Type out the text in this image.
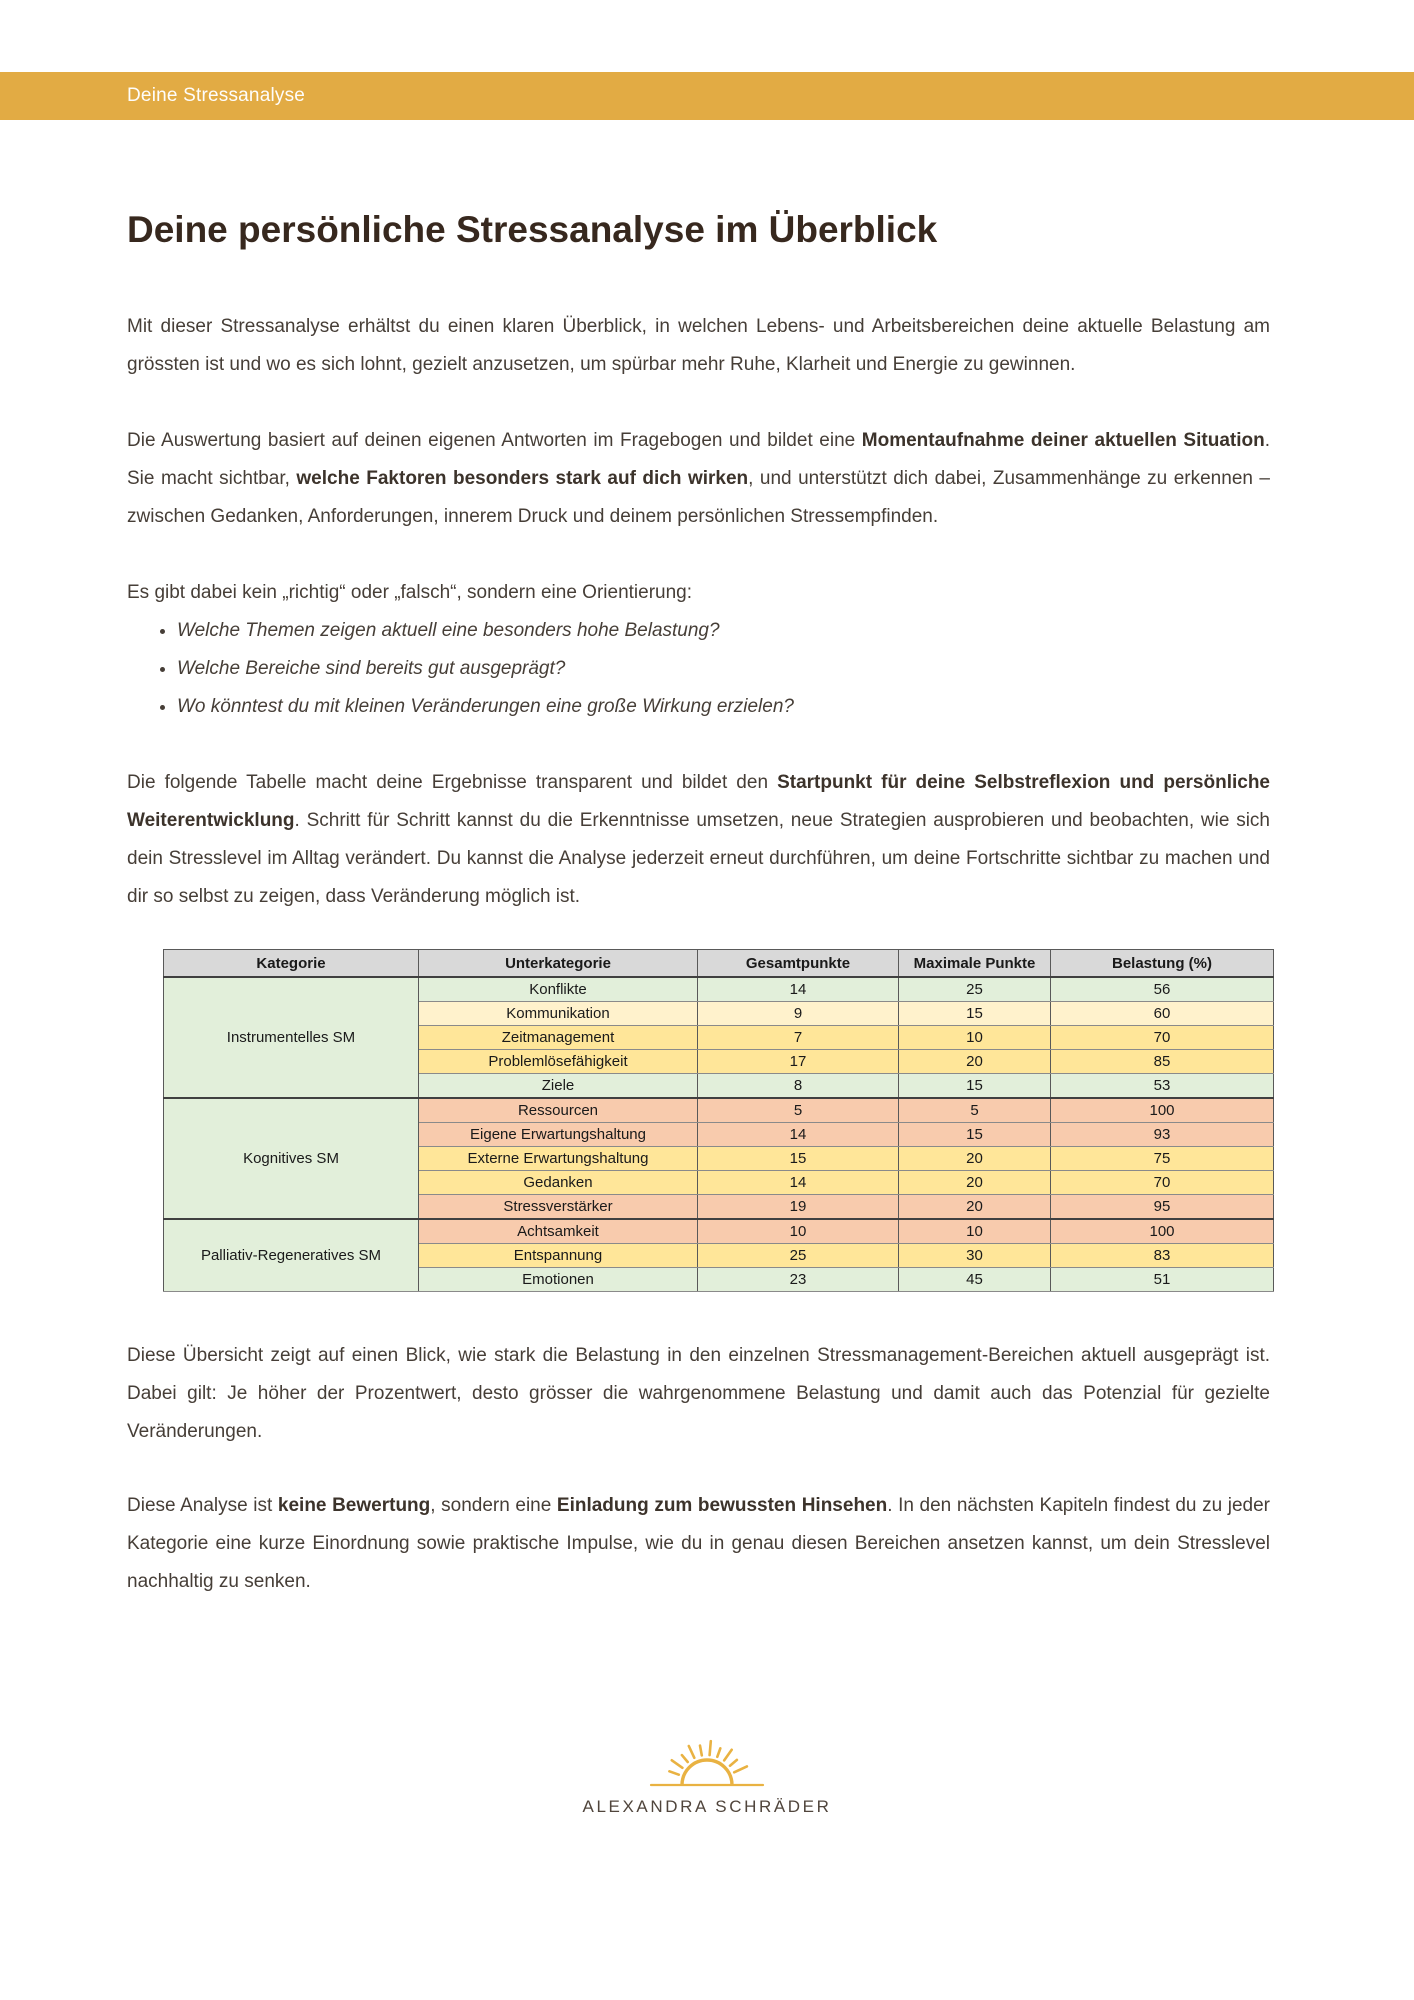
Deine Stressanalyse
Deine persönliche Stressanalyse im Überblick

Mit dieser Stressanalyse erhältst du einen klaren Überblick, in welchen Lebens- und Arbeitsbereichen deine aktuelle Belastung am grössten ist und wo es sich lohnt, gezielt anzusetzen, um spürbar mehr Ruhe, Klarheit und Energie zu gewinnen.

Die Auswertung basiert auf deinen eigenen Antworten im Fragebogen und bildet eine Momentaufnahme deiner aktuellen Situation. Sie macht sichtbar, welche Faktoren besonders stark auf dich wirken, und unterstützt dich dabei, Zusammenhänge zu erkennen – zwischen Gedanken, Anforderungen, innerem Druck und deinem persönlichen Stressempfinden.

Es gibt dabei kein „richtig“ oder „falsch“, sondern eine Orientierung:

• Welche Themen zeigen aktuell eine besonders hohe Belastung?
• Welche Bereiche sind bereits gut ausgeprägt?
• Wo könntest du mit kleinen Veränderungen eine große Wirkung erzielen?

Die folgende Tabelle macht deine Ergebnisse transparent und bildet den Startpunkt für deine Selbstreflexion und persönliche Weiterentwicklung. Schritt für Schritt kannst du die Erkenntnisse umsetzen, neue Strategien ausprobieren und beobachten, wie sich dein Stresslevel im Alltag verändert. Du kannst die Analyse jederzeit erneut durchführen, um deine Fortschritte sichtbar zu machen und dir so selbst zu zeigen, dass Veränderung möglich ist.

Kategorie	Unterkategorie	Gesamtpunkte	Maximale Punkte	Belastung (%)
Instrumentelles SM	Konflikte	14	25	56
	Kommunikation	9	15	60
	Zeitmanagement	7	10	70
	Problemlösefähigkeit	17	20	85
	Ziele	8	15	53
Kognitives SM	Ressourcen	5	5	100
	Eigene Erwartungshaltung	14	15	93
	Externe Erwartungshaltung	15	20	75
	Gedanken	14	20	70
	Stressverstärker	19	20	95
Palliativ-Regeneratives SM	Achtsamkeit	10	10	100
	Entspannung	25	30	83
	Emotionen	23	45	51

Diese Übersicht zeigt auf einen Blick, wie stark die Belastung in den einzelnen Stressmanagement-Bereichen aktuell ausgeprägt ist. Dabei gilt: Je höher der Prozentwert, desto grösser die wahrgenommene Belastung und damit auch das Potenzial für gezielte Veränderungen.

Diese Analyse ist keine Bewertung, sondern eine Einladung zum bewussten Hinsehen. In den nächsten Kapiteln findest du zu jeder Kategorie eine kurze Einordnung sowie praktische Impulse, wie du in genau diesen Bereichen ansetzen kannst, um dein Stresslevel nachhaltig zu senken.

ALEXANDRA SCHRÄDER
